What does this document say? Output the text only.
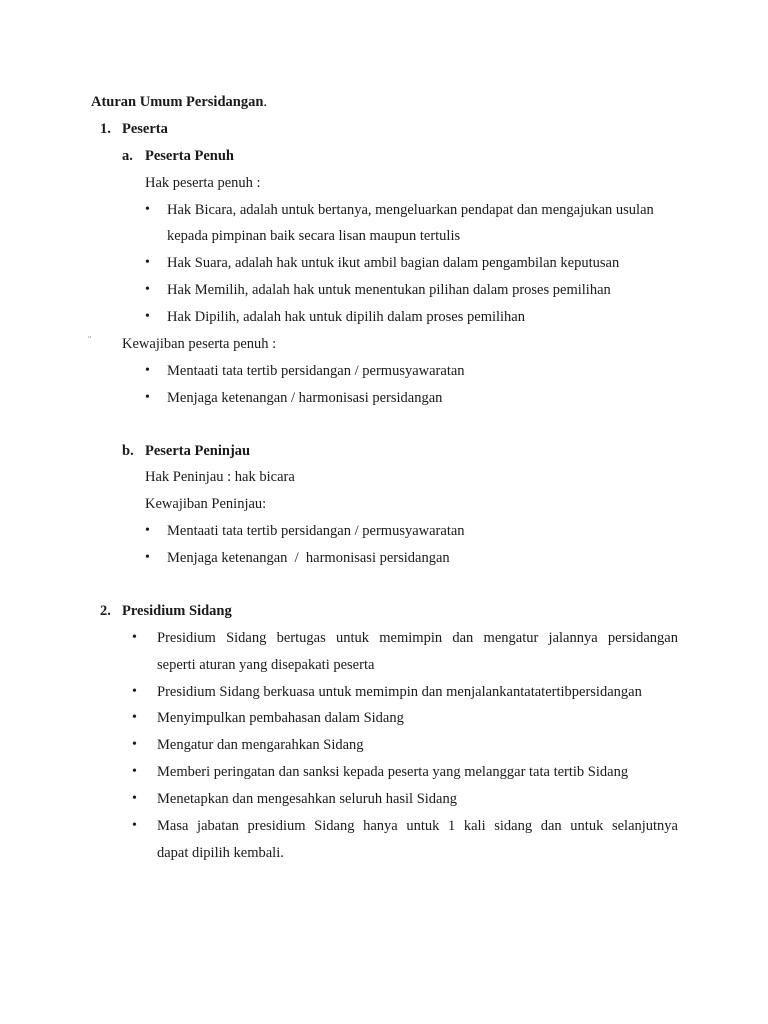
Aturan Umum Persidangan.
1. Peserta
a. Peserta Penuh
Hak peserta penuh :
• Hak Bicara, adalah untuk bertanya, mengeluarkan pendapat dan mengajukan usulan
kepada pimpinan baik secara lisan maupun tertulis
• Hak Suara, adalah hak untuk ikut ambil bagian dalam pengambilan keputusan
• Hak Memilih, adalah hak untuk menentukan pilihan dalam proses pemilihan
• Hak Dipilih, adalah hak untuk dipilih dalam proses pemilihan
¨ Kewajiban peserta penuh :
• Mentaati tata tertib persidangan / permusyawaratan
• Menjaga ketenangan / harmonisasi persidangan
b. Peserta Peninjau
Hak Peninjau : hak bicara
Kewajiban Peninjau:
• Mentaati tata tertib persidangan / permusyawaratan
• Menjaga ketenangan  /  harmonisasi persidangan
2. Presidium Sidang
• Presidium Sidang bertugas untuk memimpin dan mengatur jalannya persidangan
seperti aturan yang disepakati peserta
• Presidium Sidang berkuasa untuk memimpin dan menjalankantatatertibpersidangan
• Menyimpulkan pembahasan dalam Sidang
• Mengatur dan mengarahkan Sidang
• Memberi peringatan dan sanksi kepada peserta yang melanggar tata tertib Sidang
• Menetapkan dan mengesahkan seluruh hasil Sidang
• Masa jabatan presidium Sidang hanya untuk 1 kali sidang dan untuk selanjutnya
dapat dipilih kembali.
